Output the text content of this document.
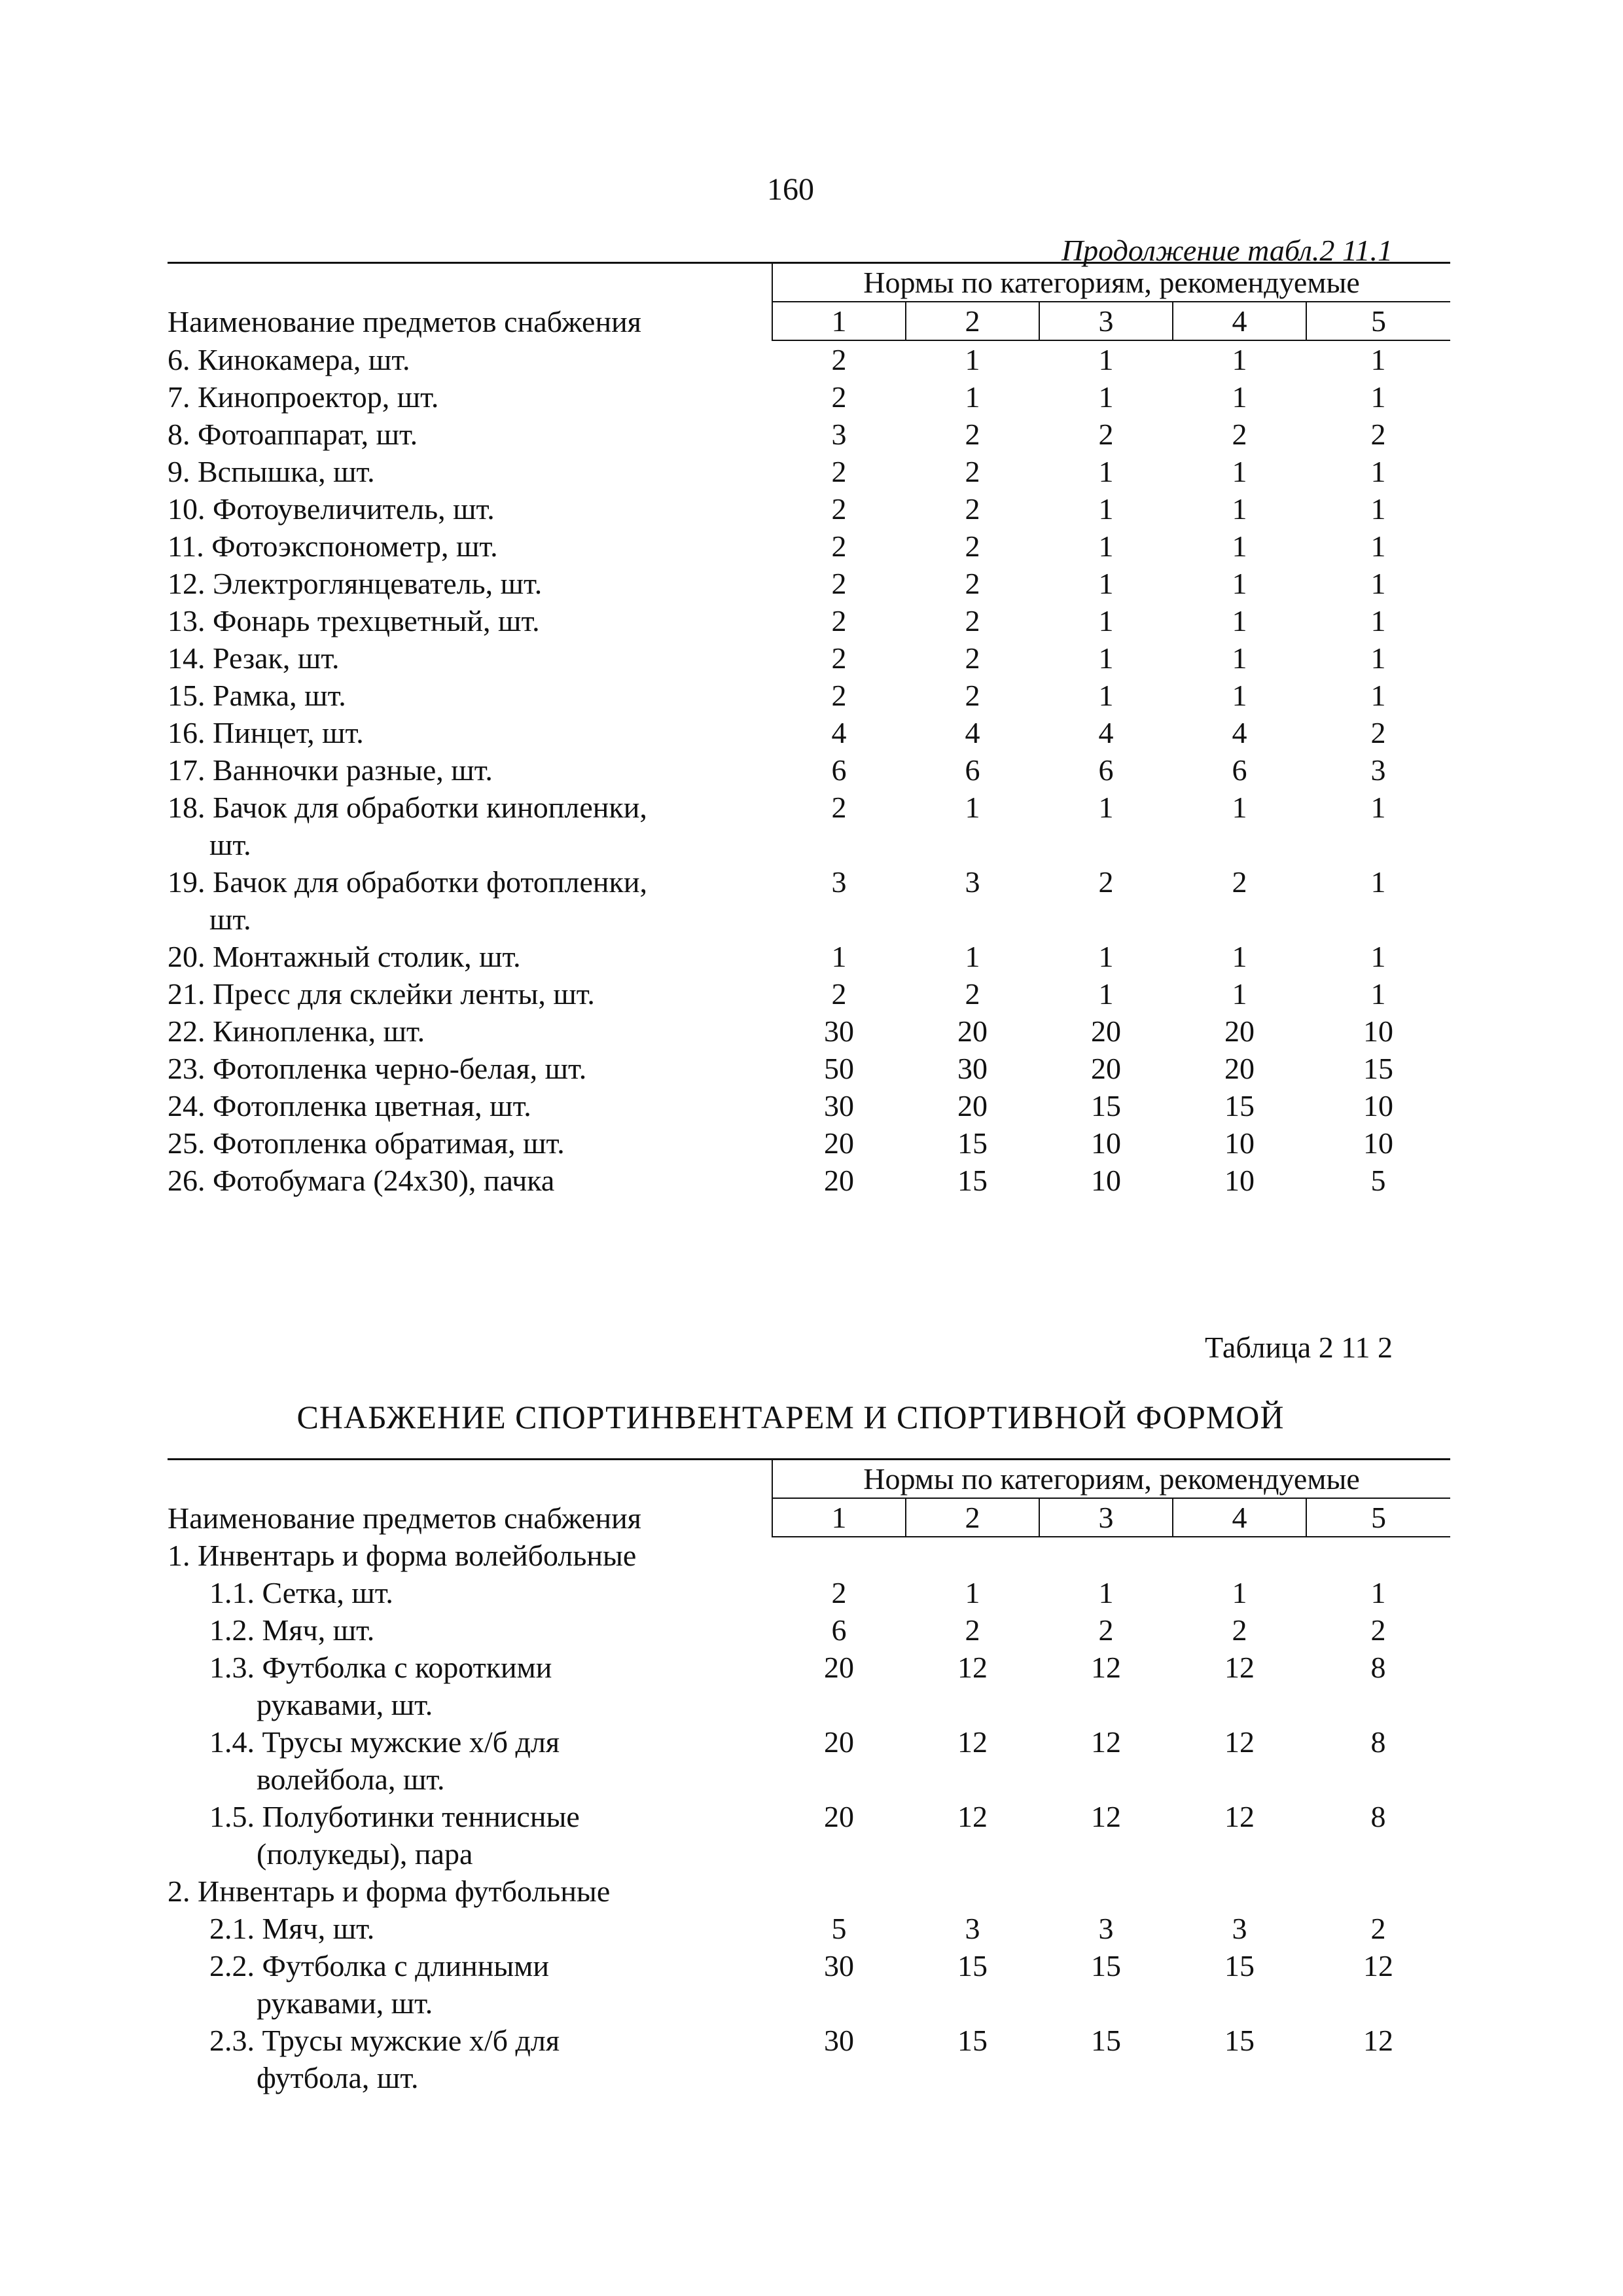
160
Продолжение табл.2 11.1
Наименование предметов снабжения	Нормы по категориям, рекомендуемые				
	1	2	3	4	5

6. Кинокамера, шт.	2	1	1	1	1

7. Кинопроектор, шт.	2	1	1	1	1

8. Фотоаппарат, шт.	3	2	2	2	2

9. Вспышка, шт.	2	2	1	1	1

10. Фотоувеличитель, шт.	2	2	1	1	1

11. Фотоэкспонометр, шт.	2	2	1	1	1

12. Электроглянцеватель, шт.	2	2	1	1	1

13. Фонарь трехцветный, шт.	2	2	1	1	1

14. Резак, шт.	2	2	1	1	1

15. Рамка, шт.	2	2	1	1	1

16. Пинцет, шт.	4	4	4	4	2

17. Ванночки разные, шт.	6	6	6	6	3

18. Бачок для обработки кинопленки,
шт.	2	1	1	1	1

19. Бачок для обработки фотопленки,
шт.	3	3	2	2	1

20. Монтажный столик, шт.	1	1	1	1	1

21. Пресс для склейки ленты, шт.	2	2	1	1	1

22. Кинопленка, шт.	30	20	20	20	10

23. Фотопленка черно-белая, шт.	50	30	20	20	15

24. Фотопленка цветная, шт.	30	20	15	15	10

25. Фотопленка обратимая, шт.	20	15	10	10	10

26. Фотобумага (24х30), пачка	20	15	10	10	5
Таблица 2 11 2
СНАБЖЕНИЕ СПОРТИНВЕНТАРЕМ И СПОРТИВНОЙ ФОРМОЙ
Наименование предметов снабжения	Нормы по категориям, рекомендуемые				
	1	2	3	4	5

1. Инвентарь и форма волейбольные					

1.1. Сетка, шт.	2	1	1	1	1

1.2. Мяч, шт.	6	2	2	2	2

1.3. Футболка с короткими
рукавами, шт.	20	12	12	12	8

1.4. Трусы мужские х/б для
волейбола, шт.	20	12	12	12	8

1.5. Полуботинки теннисные
(полукеды), пара	20	12	12	12	8

2. Инвентарь и форма футбольные					

2.1. Мяч, шт.	5	3	3	3	2

2.2. Футболка с длинными
рукавами, шт.	30	15	15	15	12

2.3. Трусы мужские х/б для
футбола, шт.	30	15	15	15	12
